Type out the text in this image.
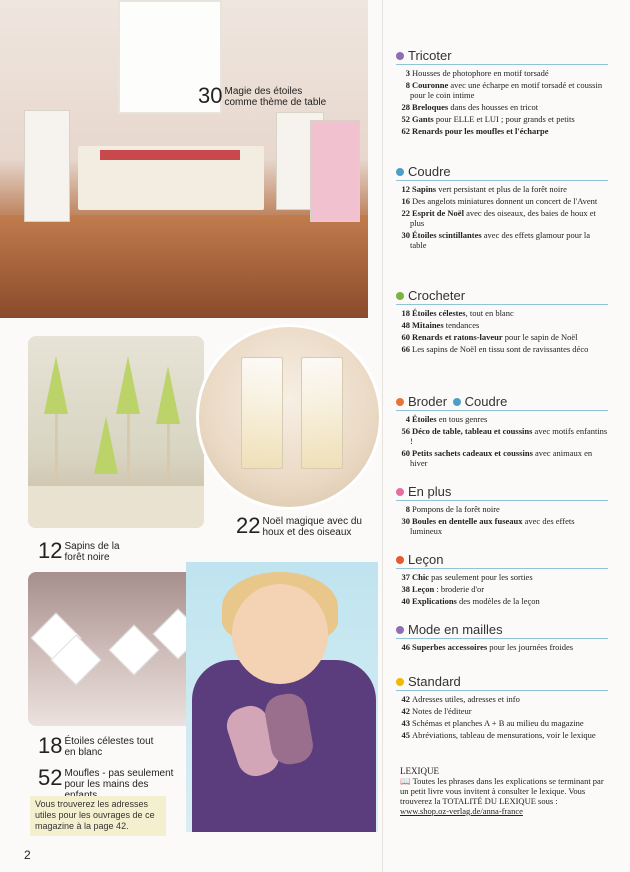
30 Magie des étoiles comme thème de table
22 Noël magique avec du houx et des oiseaux
12 Sapins de la forêt noire
18 Étoiles célestes tout en blanc
52 Moufles - pas seulement pour les mains des
Vous trouverez les adresses utiles pour les ouvrages de ce magazine à la page 42.
2
Tricoter
3 Housses de photophore en motif torsadé
8 Couronne avec une écharpe en motif torsadé et coussin pour le coin intime
28 Breloques dans des housses en tricot
52 Gants pour ELLE et LUI ; pour grands et petits
62 Renards pour les moufles et l'écharpe
Coudre
12 Sapins vert persistant et plus de la forêt noire
16 Des angelots miniatures donnent un concert de l'Avent
22 Esprit de Noël avec des oiseaux, des baies de houx et plus
30 Étoiles scintillantes avec des effets glamour pour la table
Crocheter
18 Étoiles célestes, tout en blanc
48 Mitaines tendances
60 Renards et ratons-laveur pour le sapin de Noël
66 Les sapins de Noël en tissu sont de ravissantes déco
Broder Coudre
4 Étoiles en tous genres
56 Déco de table, tableau et coussins avec motifs enfantins !
60 Petits sachets cadeaux et coussins avec animaux en hiver
En plus
8 Pompons de la forêt noire
30 Boules en dentelle aux fuseaux avec des effets lumineux
Leçon
37 Chic pas seulement pour les sorties
38 Leçon : broderie d'or
40 Explications des modèles de la leçon
Mode en mailles
46 Superbes accessoires pour les journées froides
Standard
42 Adresses utiles, adresses et info
42 Notes de l'éditeur
43 Schémas et planches A + B au milieu du magazine
45 Abréviations, tableau de mensurations, voir le lexique
LEXIQUE
📖 Toutes les phrases dans les explications se terminant par un petit livre vous invitent à consulter le lexique. Vous trouverez la TOTALITÉ DU LEXIQUE sous :
www.shop.oz-verlag.de/anna-france
